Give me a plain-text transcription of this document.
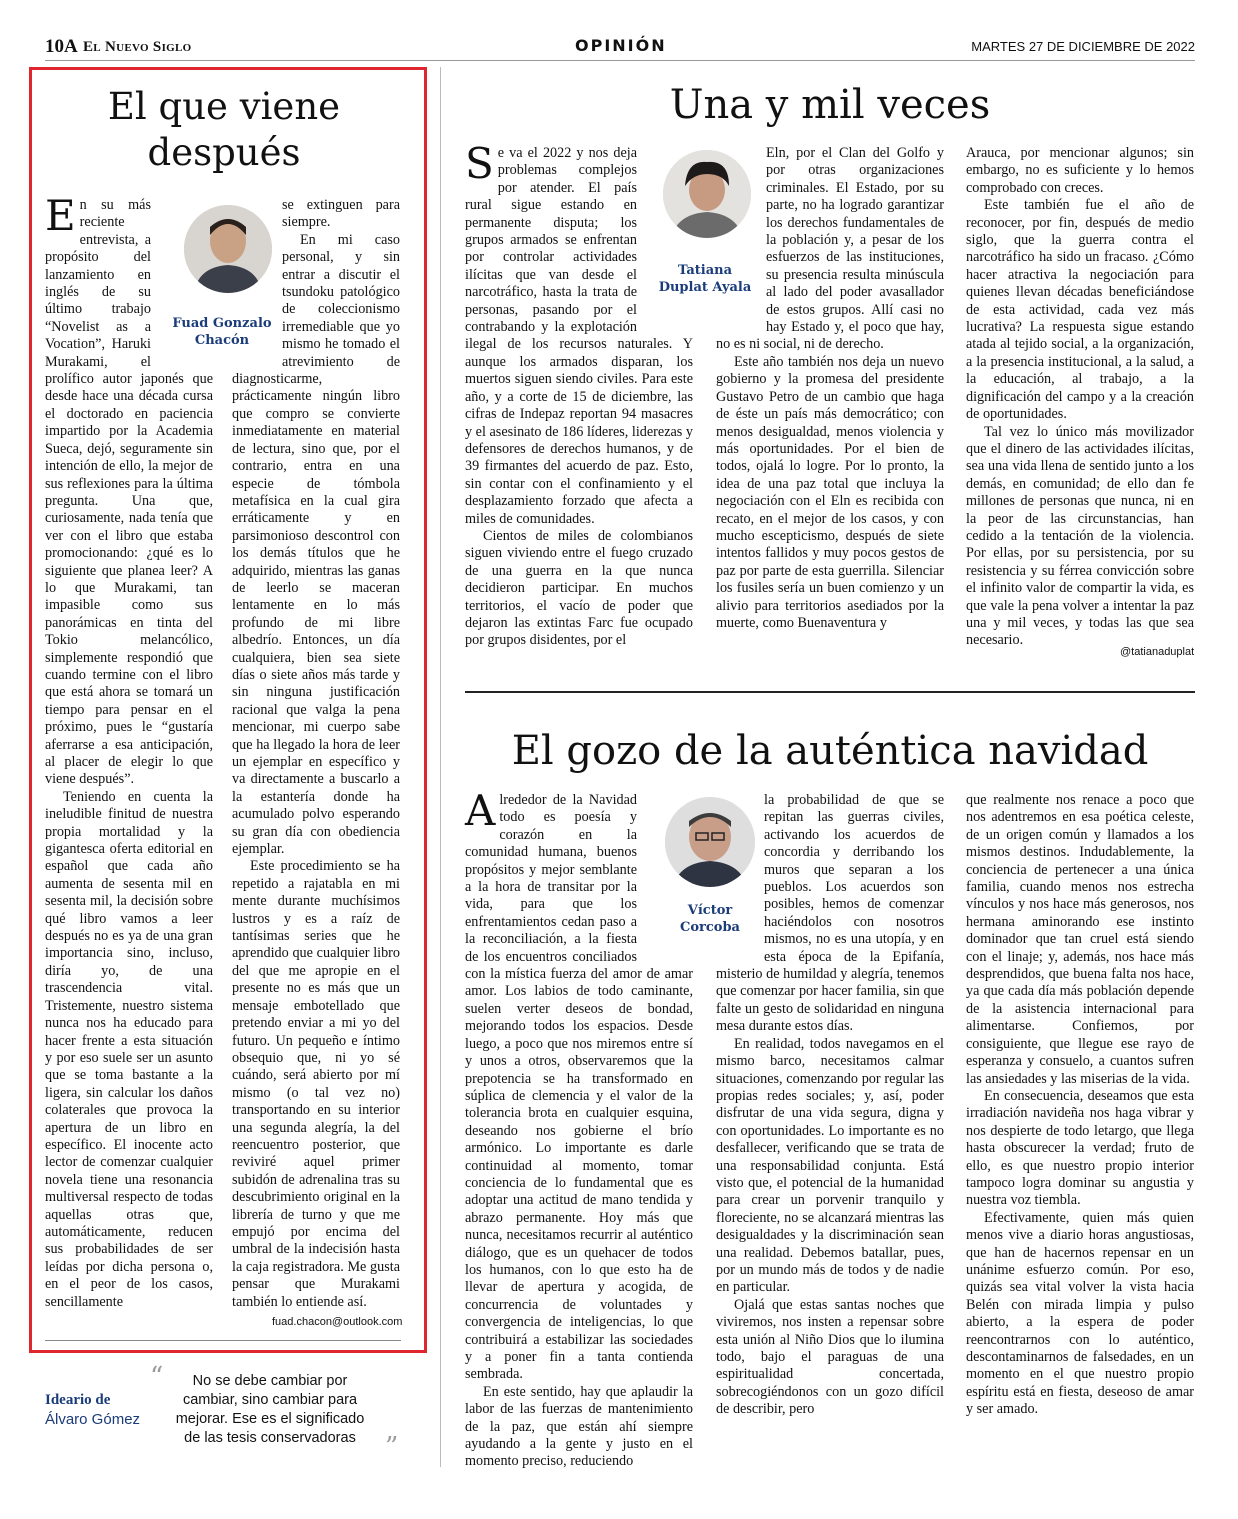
10A El Nuevo Siglo	OPINIÓN	MARTES 27 DE DICIEMBRE DE 2022
El que viene
después
Fuad Gonzalo
Chacón

En su más reciente entrevista, a propósito del lanzamiento en inglés de su último trabajo “Novelist as a Vocation”, Haruki Murakami, el prolífico autor japonés que desde hace una década cursa el doctorado en paciencia impartido por la Academia Sueca, dejó, seguramente sin intención de ello, la mejor de sus reflexiones para la última pregunta. Una que, curiosamente, nada tenía que ver con el libro que estaba promocionando: ¿qué es lo siguiente que planea leer? A lo que Murakami, tan impasible como sus panorámicas en tinta del Tokio melancólico, simplemente respondió que cuando termine con el libro que está ahora se tomará un tiempo para pensar en el próximo, pues le “gustaría aferrarse a esa anticipación, al placer de elegir lo que viene después”.

Teniendo en cuenta la ineludible finitud de nuestra propia mortalidad y la gigantesca oferta editorial en español que cada año aumenta de sesenta mil en sesenta mil, la decisión sobre qué libro vamos a leer después no es ya de una gran importancia sino, incluso, diría yo, de una trascendencia vital. Tristemente, nuestro sistema nunca nos ha educado para hacer frente a esta situación y por eso suele ser un asunto que se toma bastante a la ligera, sin calcular los daños colaterales que provoca la apertura de un libro en específico. El inocente acto lector de comenzar cualquier novela tiene una resonancia multiversal respecto de todas aquellas otras que, automáticamente, reducen sus probabilidades de ser leídas por dicha persona o, en el peor de los casos, sencillamente

se extinguen para siempre.

En mi caso personal, y sin entrar a discutir el tsundoku patológico de coleccionismo irremediable que yo mismo he tomado el atrevimiento de diagnosticarme, prácticamente ningún libro que compro se convierte inmediatamente en material de lectura, sino que, por el contrario, entra en una especie de tómbola metafísica en la cual gira erráticamente y en parsimonioso descontrol con los demás títulos que he adquirido, mientras las ganas de leerlo se maceran lentamente en lo más profundo de mi libre albedrío. Entonces, un día cualquiera, bien sea siete días o siete años más tarde y sin ninguna justificación racional que valga la pena mencionar, mi cuerpo sabe que ha llegado la hora de leer un ejemplar en específico y va directamente a buscarlo a la estantería donde ha acumulado polvo esperando su gran día con obediencia ejemplar.

Este procedimiento se ha repetido a rajatabla en mi mente durante muchísimos lustros y es a raíz de tantísimas series que he aprendido que cualquier libro del que me apropie en el presente no es más que un mensaje embotellado que pretendo enviar a mi yo del futuro. Un pequeño e íntimo obsequio que, ni yo sé cuándo, será abierto por mí mismo (o tal vez no) transportando en su interior una segunda alegría, la del reencuentro posterior, que reviviré aquel primer subidón de adrenalina tras su descubrimiento original en la librería de turno y que me empujó por encima del umbral de la indecisión hasta la caja registradora. Me gusta pensar que Murakami también lo entiende así.

fuad.chacon@outlook.com
Ideario de
Álvaro Gómez
“	No se debe cambiar por cambiar, sino cambiar para mejorar. Ese es el significado de las tesis conservadoras	”
Una y mil veces
Tatiana
Duplat Ayala

Se va el 2022 y nos deja problemas complejos por atender. El país rural sigue estando en permanente disputa; los grupos armados se enfrentan por controlar actividades ilícitas que van desde el narcotráfico, hasta la trata de personas, pasando por el contrabando y la explotación ilegal de los recursos naturales. Y aunque los armados disparan, los muertos siguen siendo civiles. Para este año, y a corte de 15 de diciembre, las cifras de Indepaz reportan 94 masacres y el asesinato de 186 líderes, liderezas y defensores de derechos humanos, y de 39 firmantes del acuerdo de paz. Esto, sin contar con el confinamiento y el desplazamiento forzado que afecta a miles de comunidades.

Cientos de miles de colombianos siguen viviendo entre el fuego cruzado de una guerra en la que nunca decidieron participar. En muchos territorios, el vacío de poder que dejaron las extintas Farc fue ocupado por grupos disidentes, por el

Eln, por el Clan del Golfo y por otras organizaciones criminales. El Estado, por su parte, no ha logrado garantizar los derechos fundamentales de la población y, a pesar de los esfuerzos de las instituciones, su presencia resulta minúscula al lado del poder avasallador de estos grupos. Allí casi no hay Estado y, el poco que hay, no es ni social, ni de derecho.

Este año también nos deja un nuevo gobierno y la promesa del presidente Gustavo Petro de un cambio que haga de éste un país más democrático; con menos desigualdad, menos violencia y más oportunidades. Por el bien de todos, ojalá lo logre. Por lo pronto, la idea de una paz total que incluya la negociación con el Eln es recibida con recato, en el mejor de los casos, y con mucho escepticismo, después de siete intentos fallidos y muy pocos gestos de paz por parte de esta guerrilla. Silenciar los fusiles sería un buen comienzo y un alivio para territorios asediados por la muerte, como Buenaventura y

Arauca, por mencionar algunos; sin embargo, no es suficiente y lo hemos comprobado con creces.

Este también fue el año de reconocer, por fin, después de medio siglo, que la guerra contra el narcotráfico ha sido un fracaso. ¿Cómo hacer atractiva la negociación para quienes llevan décadas beneficiándose de esta actividad, cada vez más lucrativa? La respuesta sigue estando atada al tejido social, a la organización, a la presencia institucional, a la salud, a la educación, al trabajo, a la dignificación del campo y a la creación de oportunidades.

Tal vez lo único más movilizador que el dinero de las actividades ilícitas, sea una vida llena de sentido junto a los demás, en comunidad; de ello dan fe millones de personas que nunca, ni en la peor de las circunstancias, han cedido a la tentación de la violencia. Por ellas, por su persistencia, por su resistencia y su férrea convicción sobre el infinito valor de compartir la vida, es que vale la pena volver a intentar la paz una y mil veces, y todas las que sea necesario.

@tatianaduplat
El gozo de la auténtica navidad
Víctor
Corcoba

Alrededor de la Navidad todo es poesía y corazón en la comunidad humana, buenos propósitos y mejor semblante a la hora de transitar por la vida, para que los enfrentamientos cedan paso a la reconciliación, a la fiesta de los encuentros conciliados con la mística fuerza del amor de amar amor. Los labios de todo caminante, suelen verter deseos de bondad, mejorando todos los espacios. Desde luego, a poco que nos miremos entre sí y unos a otros, observaremos que la prepotencia se ha transformado en súplica de clemencia y el valor de la tolerancia brota en cualquier esquina, deseando nos gobierne el brío armónico. Lo importante es darle continuidad al momento, tomar conciencia de lo fundamental que es adoptar una actitud de mano tendida y abrazo permanente. Hoy más que nunca, necesitamos recurrir al auténtico diálogo, que es un quehacer de todos los humanos, con lo que esto ha de llevar de apertura y acogida, de concurrencia de voluntades y convergencia de inteligencias, lo que contribuirá a estabilizar las sociedades y a poner fin a tanta contienda sembrada.

En este sentido, hay que aplaudir la labor de las fuerzas de mantenimiento de la paz, que están ahí siempre ayudando a la gente y justo en el momento preciso, reduciendo

la probabilidad de que se repitan las guerras civiles, activando los acuerdos de concordia y derribando los muros que separan a los pueblos. Los acuerdos son posibles, hemos de comenzar haciéndolos con nosotros mismos, no es una utopía, y en esta época de la Epifanía, misterio de humildad y alegría, tenemos que comenzar por hacer familia, sin que falte un gesto de solidaridad en ninguna mesa durante estos días.

En realidad, todos navegamos en el mismo barco, necesitamos calmar situaciones, comenzando por regular las propias redes sociales; y, así, poder disfrutar de una vida segura, digna y con oportunidades. Lo importante es no desfallecer, verificando que se trata de una responsabilidad conjunta. Está visto que, el potencial de la humanidad para crear un porvenir tranquilo y floreciente, no se alcanzará mientras las desigualdades y la discriminación sean una realidad. Debemos batallar, pues, por un mundo más de todos y de nadie en particular.

Ojalá que estas santas noches que viviremos, nos insten a repensar sobre esta unión al Niño Dios que lo ilumina todo, bajo el paraguas de una espiritualidad concertada, sobrecogiéndonos con un gozo difícil de describir, pero

que realmente nos renace a poco que nos adentremos en esa poética celeste, de un origen común y llamados a los mismos destinos. Indudablemente, la conciencia de pertenecer a una única familia, cuando menos nos estrecha vínculos y nos hace más generosos, nos hermana aminorando ese instinto dominador que tan cruel está siendo con el linaje; y, además, nos hace más desprendidos, que buena falta nos hace, ya que cada día más población depende de la asistencia internacional para alimentarse. Confiemos, por consiguiente, que llegue ese rayo de esperanza y consuelo, a cuantos sufren las ansiedades y las miserias de la vida.

En consecuencia, deseamos que esta irradiación navideña nos haga vibrar y nos despierte de todo letargo, que llega hasta obscurecer la verdad; fruto de ello, es que nuestro propio interior tampoco logra dominar su angustia y nuestra voz tiembla.

Efectivamente, quien más quien menos vive a diario horas angustiosas, que han de hacernos repensar en un unánime esfuerzo común. Por eso, quizás sea vital volver la vista hacia Belén con mirada limpia y pulso abierto, a la espera de poder reencontrarnos con lo auténtico, descontaminarnos de falsedades, en un momento en el que nuestro propio espíritu está en fiesta, deseoso de amar y ser amado.
